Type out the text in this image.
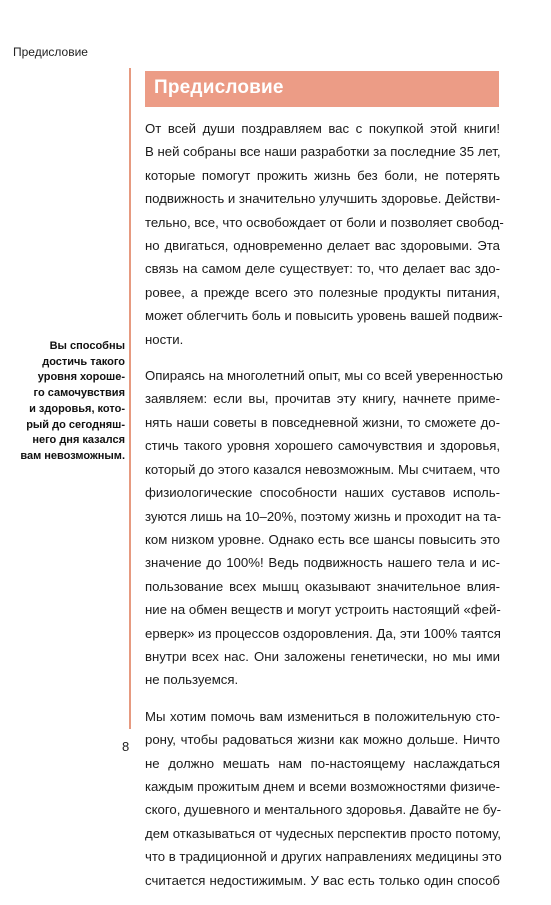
Предисловие
Предисловие
Вы способны
достичь такого
уровня хороше-
го самочувствия
и здоровья, кото-
рый до сегодняш-
него дня казался
вам невозможным.

От всей души поздравляем вас с покупкой этой книги!
В ней собраны все наши разработки за последние 35 лет,
которые помогут прожить жизнь без боли, не потерять
подвижность и значительно улучшить здоровье. Действи-
тельно, все, что освобождает от боли и позволяет свобод-
но двигаться, одновременно делает вас здоровыми. Эта
связь на самом деле существует: то, что делает вас здо-
ровее, а прежде всего это полезные продукты питания,
может облегчить боль и повысить уровень вашей подвиж-
ности.

Опираясь на многолетний опыт, мы со всей уверенностью
заявляем: если вы, прочитав эту книгу, начнете приме-
нять наши советы в повседневной жизни, то сможете до-
стичь такого уровня хорошего самочувствия и здоровья,
который до этого казался невозможным. Мы считаем, что
физиологические способности наших суставов исполь-
зуются лишь на 10–20%, поэтому жизнь и проходит на та-
ком низком уровне. Однако есть все шансы повысить это
значение до 100%! Ведь подвижность нашего тела и ис-
пользование всех мышц оказывают значительное влия-
ние на обмен веществ и могут устроить настоящий «фей-
ерверк» из процессов оздоровления. Да, эти 100% таятся
внутри всех нас. Они заложены генетически, но мы ими
не пользуемся.

Мы хотим помочь вам измениться в положительную сто-
рону, чтобы радоваться жизни как можно дольше. Ничто
не должно мешать нам по-настоящему наслаждаться
каждым прожитым днем и всеми возможностями физиче-
ского, душевного и ментального здоровья. Давайте не бу-
дем отказываться от чудесных перспектив просто потому,
что в традиционной и других направлениях медицины это
считается недостижимым. У вас есть только один способ

8
